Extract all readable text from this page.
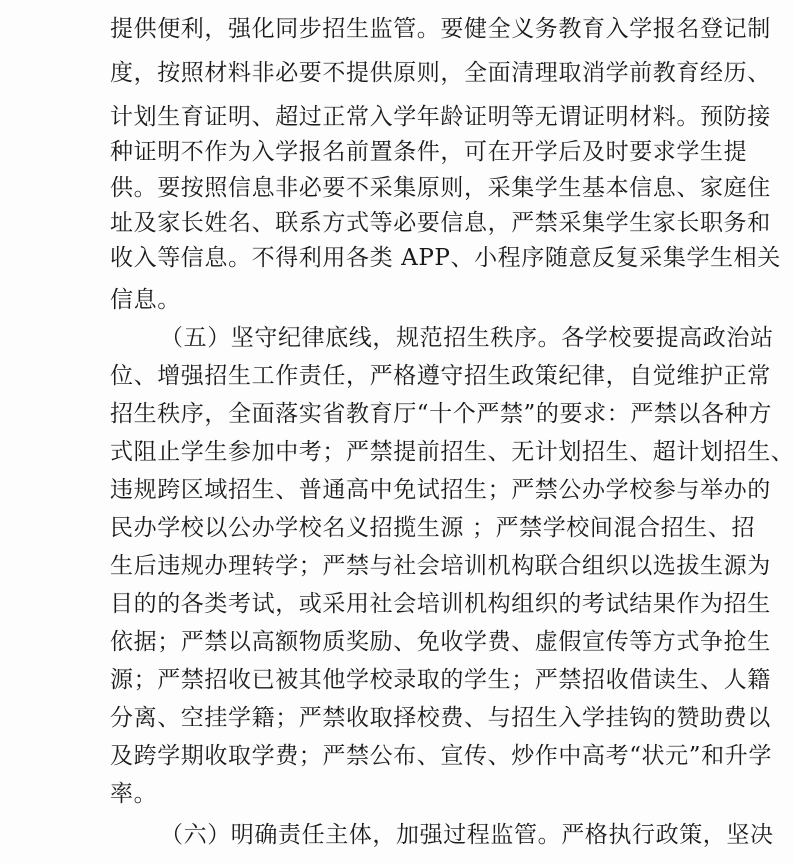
提供便利，强化同步招生监管。要健全义务教育入学报名登记制
度，按照材料非必要不提供原则，全面清理取消学前教育经历、
计划生育证明、超过正常入学年龄证明等无谓证明材料。预防接
种证明不作为入学报名前置条件，可在开学后及时要求学生提
供。要按照信息非必要不采集原则，采集学生基本信息、家庭住
址及家长姓名、联系方式等必要信息，严禁采集学生家长职务和
收入等信息。不得利用各类 APP、小程序随意反复采集学生相关
信息。
（五）坚守纪律底线，规范招生秩序。各学校要提高政治站
位、增强招生工作责任，严格遵守招生政策纪律，自觉维护正常
招生秩序，全面落实省教育厅“十个严禁”的要求：严禁以各种方
式阻止学生参加中考；严禁提前招生、无计划招生、超计划招生、
违规跨区域招生、普通高中免试招生；严禁公办学校参与举办的
民办学校以公办学校名义招揽生源 ；严禁学校间混合招生、招
生后违规办理转学；严禁与社会培训机构联合组织以选拔生源为
目的的各类考试，或采用社会培训机构组织的考试结果作为招生
依据；严禁以高额物质奖励、免收学费、虚假宣传等方式争抢生
源；严禁招收已被其他学校录取的学生；严禁招收借读生、人籍
分离、空挂学籍；严禁收取择校费、与招生入学挂钩的赞助费以
及跨学期收取学费；严禁公布、宣传、炒作中高考“状元”和升学
率。
（六）明确责任主体，加强过程监管。严格执行政策，坚决
